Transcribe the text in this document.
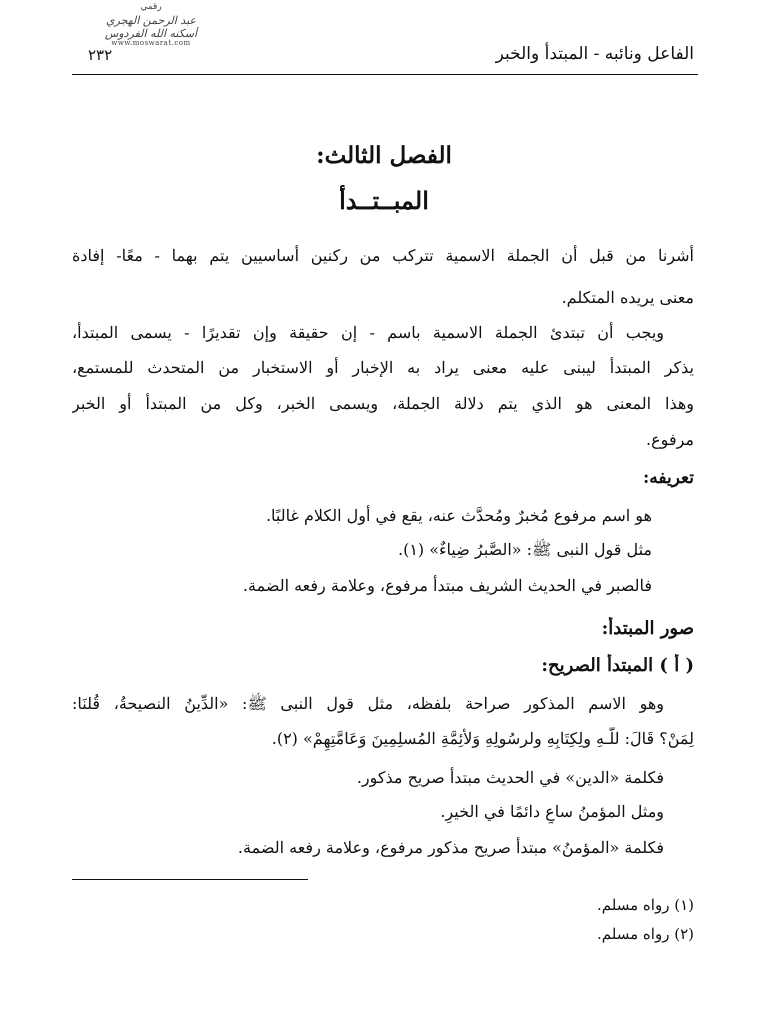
رقمي
عبد الرحمن الهجري
أسكنه الله الفردوس
www.moswarat.com
الفاعل ونائبه - المبتدأ والخبر
٢٣٢
الفصل الثالث:
المبــتــدأ
أشرنا من قبل أن الجملة الاسمية تتركب من ركنين أساسيين يتم بهما - معًا- إفادة
معنى يريده المتكلم.
ويجب أن تبتدئ الجملة الاسمية باسم - إن حقيقة وإن تقديرًا - يسمى المبتدأ،
يذكر المبتدأ ليبنى عليه معنى يراد به الإخبار أو الاستخبار من المتحدث للمستمع،
وهذا المعنى هو الذي يتم دلالة الجملة، ويسمى الخبر، وكل من المبتدأ أو الخبر
مرفوع.
تعريفه:
هو اسم مرفوع مُخبرٌ ومُحدَّث عنه، يقع في أول الكلام غالبًا.
مثل قول النبى ﷺ: «الصَّبرُ ضِياءٌ» (١).
فالصبر في الحديث الشريف مبتدأ مرفوع، وعلامة رفعه الضمة.
صور المبتدأ:
( أ ) المبتدأ الصريح:
وهو الاسم المذكور صراحة بلفظه، مثل قول النبى ﷺ: «الدِّينُ النصيحةُ، قُلنَا:
لِمَنْ؟ قَالَ: للَّـهِ ولِكِتَابِهِ ولرسُولِهِ وَلأئِمَّةِ المُسلِمِينَ وَعَامَّتِهِمْ» (٢).
فكلمة «الدين» في الحديث مبتدأ صريح مذكور.
ومثل المؤمنُ ساعٍ دائمًا في الخيرِ.
فكلمة «المؤمنُ» مبتدأ صريح مذكور مرفوع، وعلامة رفعه الضمة.
(١) رواه مسلم.
(٢) رواه مسلم.
